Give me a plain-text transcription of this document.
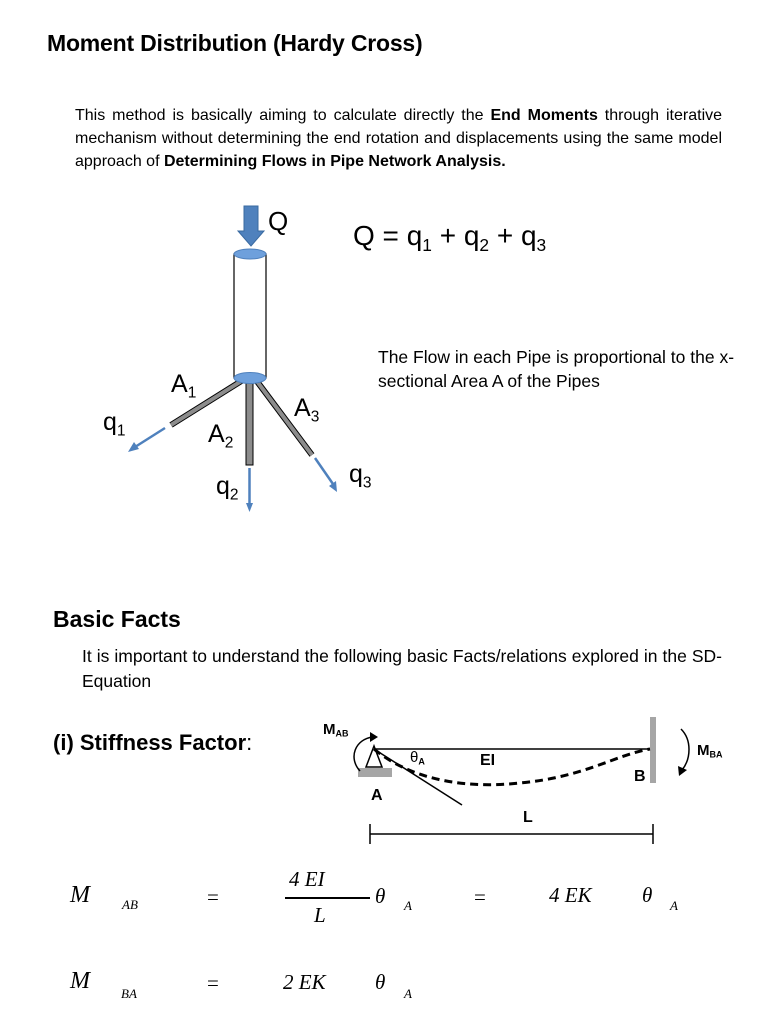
Moment Distribution (Hardy Cross)

This method is basically aiming to calculate directly the End Moments through iterative mechanism without determining the end rotation and displacements using the same model approach of Determining Flows in Pipe Network Analysis.

Q $Q = q_1 + q_2 + q_3$
$A_1$
$A_2$
$A_3$
$q_1$
$q_2$
$q_3$

The Flow in each Pipe is proportional to the x-sectional Area A of the Pipes

Basic Facts

It is important to understand the following basic Facts/relations explored in the SD- Equation

(i) Stiffness Factor:

$M_{AB}$
$M_{BA}$
$\theta_A$	EI
A
B
L
M AB	=
4 EI
L
θ A	=	4 EK θ A
M BA	=	2 EK θ A
